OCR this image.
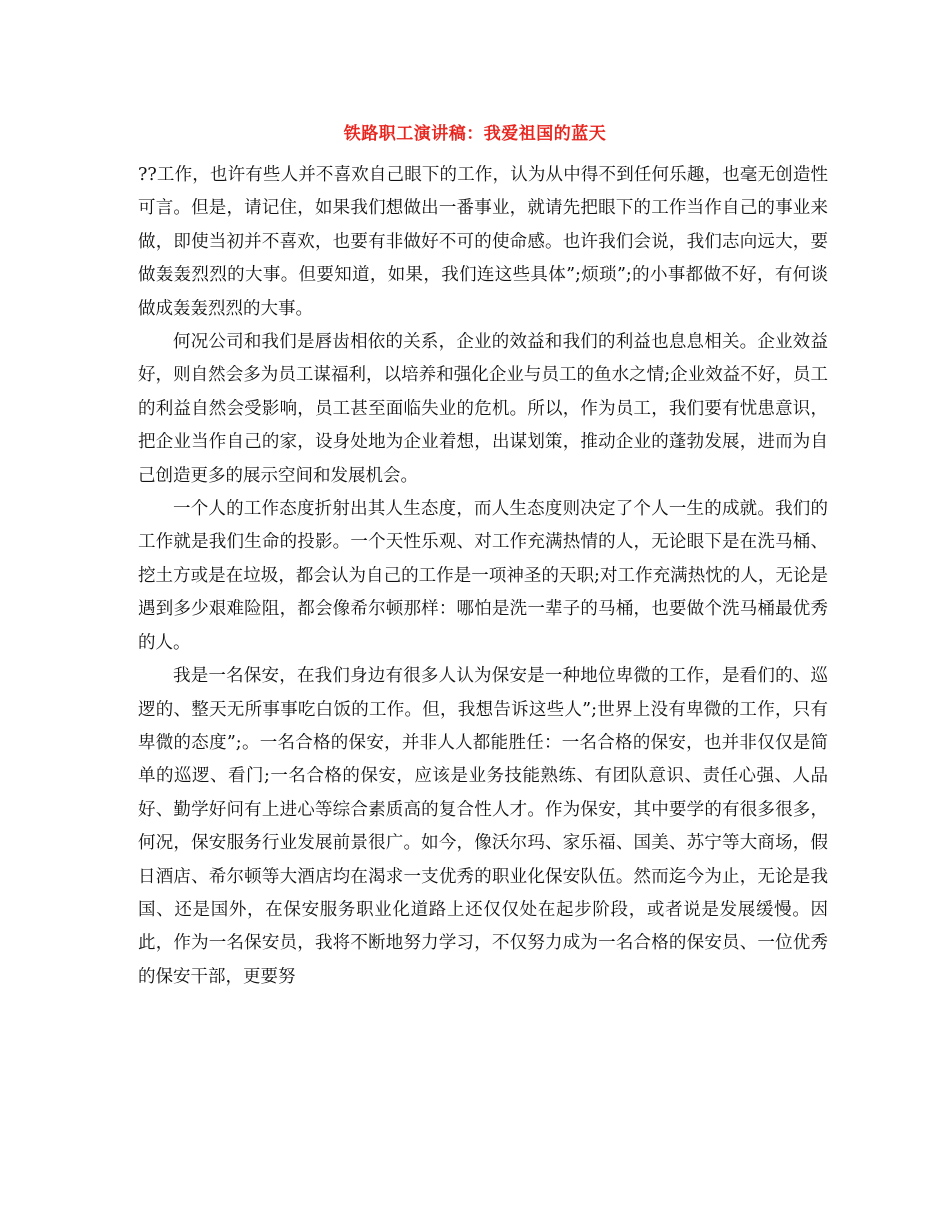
铁路职工演讲稿：我爱祖国的蓝天

??工作，也许有些人并不喜欢自己眼下的工作，认为从中得不到任何乐趣，也毫无创造性可言。但是，请记住，如果我们想做出一番事业，就请先把眼下的工作当作自己的事业来做，即使当初并不喜欢，也要有非做好不可的使命感。也许我们会说，我们志向远大，要做轰轰烈烈的大事。但要知道，如果，我们连这些具体”;烦琐”;的小事都做不好，有何谈做成轰轰烈烈的大事。

何况公司和我们是唇齿相依的关系，企业的效益和我们的利益也息息相关。企业效益好，则自然会多为员工谋福利，以培养和强化企业与员工的鱼水之情;企业效益不好，员工的利益自然会受影响，员工甚至面临失业的危机。所以，作为员工，我们要有忧患意识，把企业当作自己的家，设身处地为企业着想，出谋划策，推动企业的蓬勃发展，进而为自己创造更多的展示空间和发展机会。

一个人的工作态度折射出其人生态度，而人生态度则决定了个人一生的成就。我们的工作就是我们生命的投影。一个天性乐观、对工作充满热情的人，无论眼下是在洗马桶、挖土方或是在垃圾，都会认为自己的工作是一项神圣的天职;对工作充满热忱的人，无论是遇到多少艰难险阻，都会像希尔顿那样：哪怕是洗一辈子的马桶，也要做个洗马桶最优秀的人。

我是一名保安，在我们身边有很多人认为保安是一种地位卑微的工作，是看们的、巡逻的、整天无所事事吃白饭的工作。但，我想告诉这些人”;世界上没有卑微的工作，只有卑微的态度”;。一名合格的保安，并非人人都能胜任：一名合格的保安，也并非仅仅是简单的巡逻、看门;一名合格的保安，应该是业务技能熟练、有团队意识、责任心强、人品好、勤学好问有上进心等综合素质高的复合性人才。作为保安，其中要学的有很多很多，何况，保安服务行业发展前景很广。如今，像沃尔玛、家乐福、国美、苏宁等大商场，假日酒店、希尔顿等大酒店均在渴求一支优秀的职业化保安队伍。然而迄今为止，无论是我国、还是国外，在保安服务职业化道路上还仅仅处在起步阶段，或者说是发展缓慢。因此，作为一名保安员，我将不断地努力学习，不仅努力成为一名合格的保安员、一位优秀的保安干部，更要努
